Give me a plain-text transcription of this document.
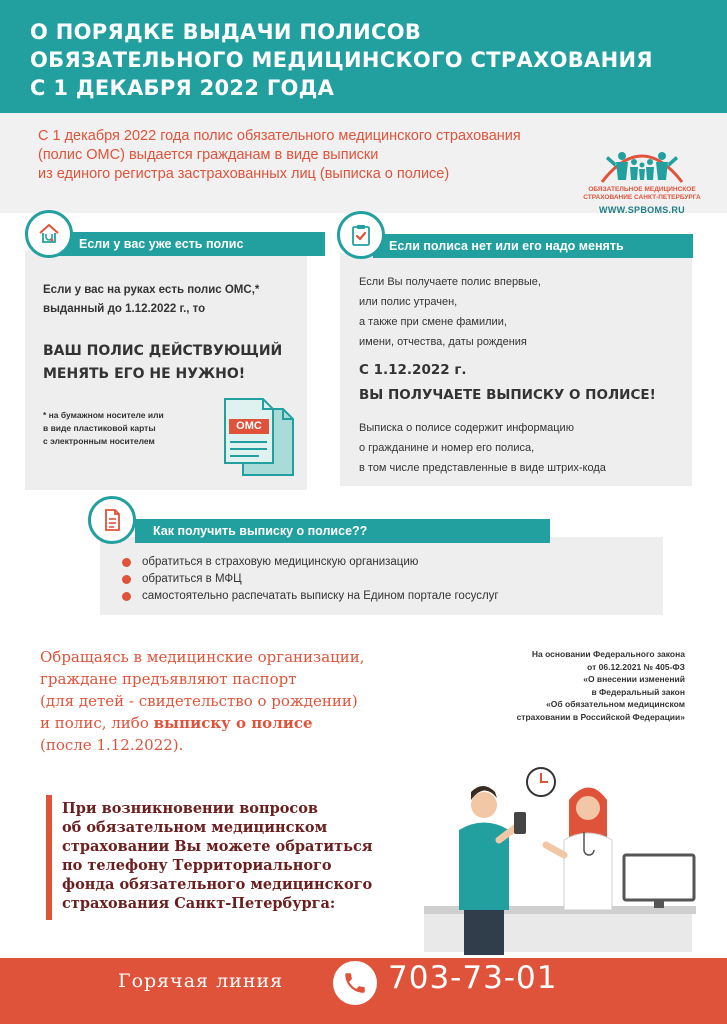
О ПОРЯДКЕ ВЫДАЧИ ПОЛИСОВ
ОБЯЗАТЕЛЬНОГО МЕДИЦИНСКОГО СТРАХОВАНИЯ
С 1 ДЕКАБРЯ 2022 ГОДА
С 1 декабря 2022 года полис обязательного медицинского страхования
(полис ОМС) выдается гражданам в виде выписки
из единого регистра застрахованных лиц (выписка о полисе)
ОБЯЗАТЕЛЬНОЕ МЕДИЦИНСКОЕ
СТРАХОВАНИЕ САНКТ-ПЕТЕРБУРГА
WWW.SPBOMS.RU
Если у вас уже есть полис
Если у вас на руках есть полис ОМС,*
выданный до 1.12.2022 г., то
ВАШ ПОЛИС ДЕЙСТВУЮЩИЙ
МЕНЯТЬ ЕГО НЕ НУЖНО!
* на бумажном носителе или
в виде пластиковой карты
с электронным носителем
ОМС
Если полиса нет или его надо менять
Если Вы получаете полис впервые,
или полис утрачен,
а также при смене фамилии,
имени, отчества, даты рождения
С 1.12.2022 г.
ВЫ ПОЛУЧАЕТЕ ВЫПИСКУ О ПОЛИСЕ!
Выписка о полисе содержит информацию
о гражданине и номер его полиса,
в том числе представленные в виде штрих-кода
Как получить выписку о полисе??
обратиться в страховую медицинскую организацию
обратиться в МФЦ
самостоятельно распечатать выписку на Едином портале госуслуг
Обращаясь в медицинские организации,
граждане предъявляют паспорт
(для детей - свидетельство о рождении)
и полис, либо выписку о полисе
(после 1.12.2022).
На основании Федерального закона
от 06.12.2021 № 405-ФЗ
«О внесении изменений
в Федеральный закон
«Об обязательном медицинском
страховании в Российской Федерации»
При возникновении вопросов
об обязательном медицинском
страховании Вы можете обратиться
по телефону Территориального
фонда обязательного медицинского
страхования Санкт-Петербурга:
Горячая линия	703-73-01
